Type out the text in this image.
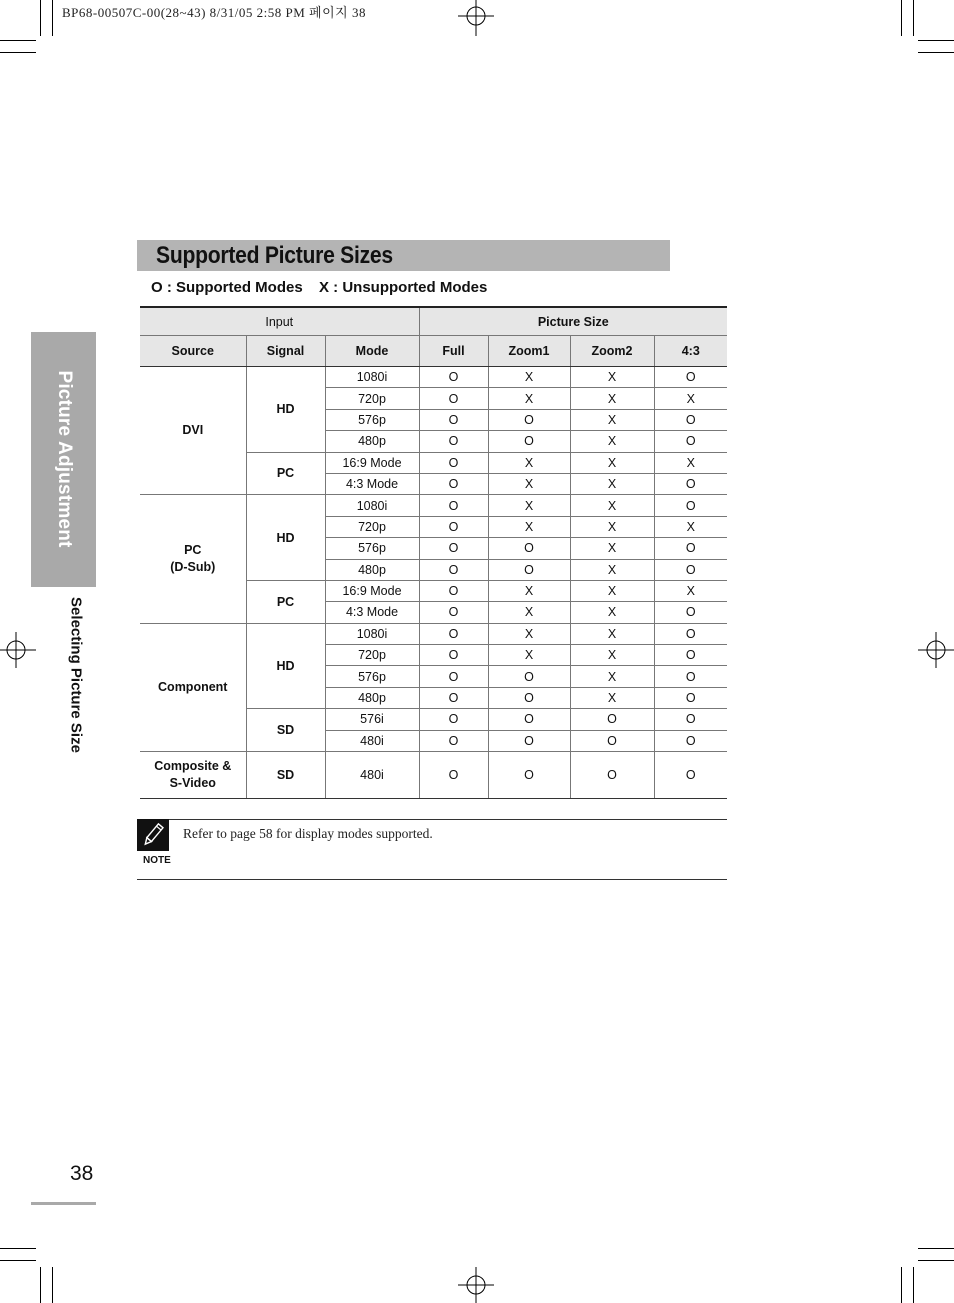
BP68-00507C-00(28~43) 8/31/05 2:58 PM 페이지 38
Picture Adjustment
Selecting Picture Size
38
Supported Picture Sizes
O : Supported Modes X : Unsupported Modes
Input			Picture Size			
Source	Signal	Mode	Full	Zoom1	Zoom2	4:3
DVI	HD	1080i	O	X	X	O
		720p	O	X	X	X
		576p	O	O	X	O
		480p	O	O	X	O
	PC	16:9 Mode	O	X	X	X
		4:3 Mode	O	X	X	O
PC
(D-Sub)	HD	1080i	O	X	X	O
		720p	O	X	X	X
		576p	O	O	X	O
		480p	O	O	X	O
	PC	16:9 Mode	O	X	X	X
		4:3 Mode	O	X	X	O
Component	HD	1080i	O	X	X	O
		720p	O	X	X	O
		576p	O	O	X	O
		480p	O	O	X	O
	SD	576i	O	O	O	O
		480i	O	O	O	O
Composite &
S-Video	SD	480i	O	O	O	O
NOTE
Refer to page 58 for display modes supported.
